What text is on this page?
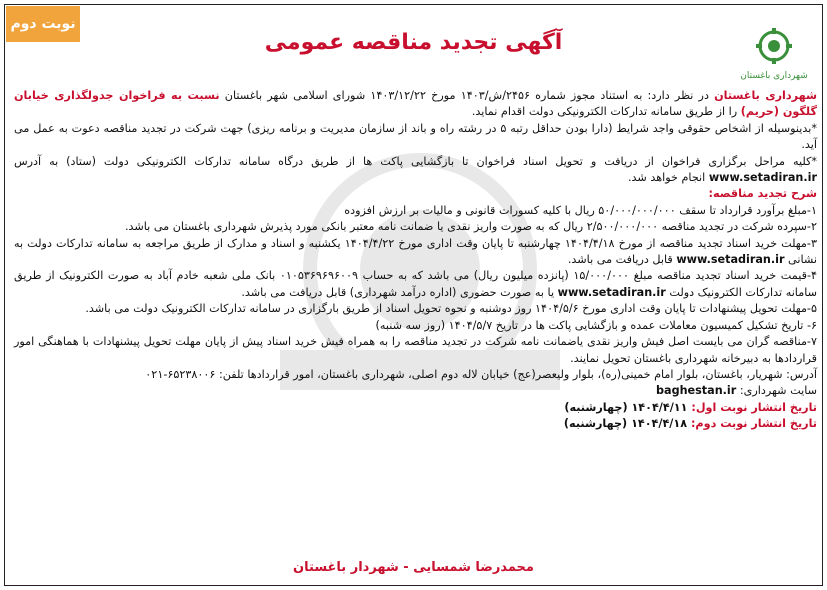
نوبت دوم
آگهی تجدید مناقصه عمومی
شهرداری باغستان

شهرداری باغستان در نظر دارد: به استناد مجوز شماره ۲۴۵۶/ش/۱۴۰۳ مورخ ۱۴۰۳/۱۲/۲۲ شورای اسلامی شهر باغستان نسبت به فراخوان جدولگذاری خیابان گلگون (حریم) را از طریق سامانه تدارکات الکترونیکی دولت اقدام نماید.

*بدینوسیله از اشخاص حقوقی واجد شرایط (دارا بودن حداقل رتبه ۵ در رشته راه و باند از سازمان مدیریت و برنامه ریزی) جهت شرکت در تجدید مناقصه دعوت به عمل می آید.

*کلیه مراحل برگزاری فراخوان از دریافت و تحویل اسناد فراخوان تا بازگشایی پاکت ها از طریق درگاه سامانه تدارکات الکترونیکی دولت (ستاد) به آدرس www.setadiran.ir انجام خواهد شد.

شرح تجدید مناقصه:

۱-مبلغ برآورد قرارداد تا سقف ۵۰/۰۰۰/۰۰۰/۰۰۰ ریال با کلیه کسورات قانونی و مالیات بر ارزش افزوده

۲-سپرده شرکت در تجدید مناقصه ۲/۵۰۰/۰۰۰/۰۰۰ ریال که به صورت واریز نقدی یا ضمانت نامه معتبر بانکی مورد پذیرش شهرداری باغستان می باشد.

۳-مهلت خرید اسناد تجدید مناقصه از مورخ ۱۴۰۴/۴/۱۸ چهارشنبه تا پایان وقت اداری مورخ ۱۴۰۴/۴/۲۲ یکشنبه و اسناد و مدارک از طریق مراجعه به سامانه تدارکات دولت به نشانی www.setadiran.ir قابل دریافت می باشد.

۴-قیمت خرید اسناد تجدید مناقصه مبلغ ۱۵/۰۰۰/۰۰۰ (پانزده میلیون ریال) می باشد که به حساب ۰۱۰۵۳۶۹۶۹۶۰۰۹ بانک ملی شعبه خادم آباد به صورت الکترونیک از طریق سامانه تدارکات الکترونیک دولت www.setadiran.ir یا به صورت حضوری (اداره درآمد شهرداری) قابل دریافت می باشد.

۵-مهلت تحویل پیشنهادات تا پایان وقت اداری مورخ ۱۴۰۴/۵/۶ روز دوشنبه و نحوه تحویل اسناد از طریق بارگزاری در سامانه تدارکات الکترونیک دولت می باشد.

۶- تاریخ تشکیل کمیسیون معاملات عمده و بازگشایی پاکت ها در تاریخ ۱۴۰۴/۵/۷ (روز سه شنبه)

۷-مناقصه گران می بایست اصل فیش واریز نقدی یاضمانت نامه شرکت در تجدید مناقصه را به همراه فیش خرید اسناد پیش از پایان مهلت تحویل پیشنهادات با هماهنگی امور قراردادها به دبیرخانه شهرداری باغستان تحویل نمایند.

آدرس: شهریار، باغستان، بلوار امام خمینی(ره)، بلوار ولیعصر(عج) خیابان لاله دوم اصلی، شهرداری باغستان، امور قراردادها تلفن: ۶۵۲۳۸۰۰۶-۰۲۱

سایت شهرداری: baghestan.ir

تاریخ انتشار نوبت اول: ۱۴۰۴/۴/۱۱ (چهارشنبه)

تاریخ انتشار نوبت دوم: ۱۴۰۴/۴/۱۸ (چهارشنبه)

محمدرضا شمسایی - شهردار باغستان
